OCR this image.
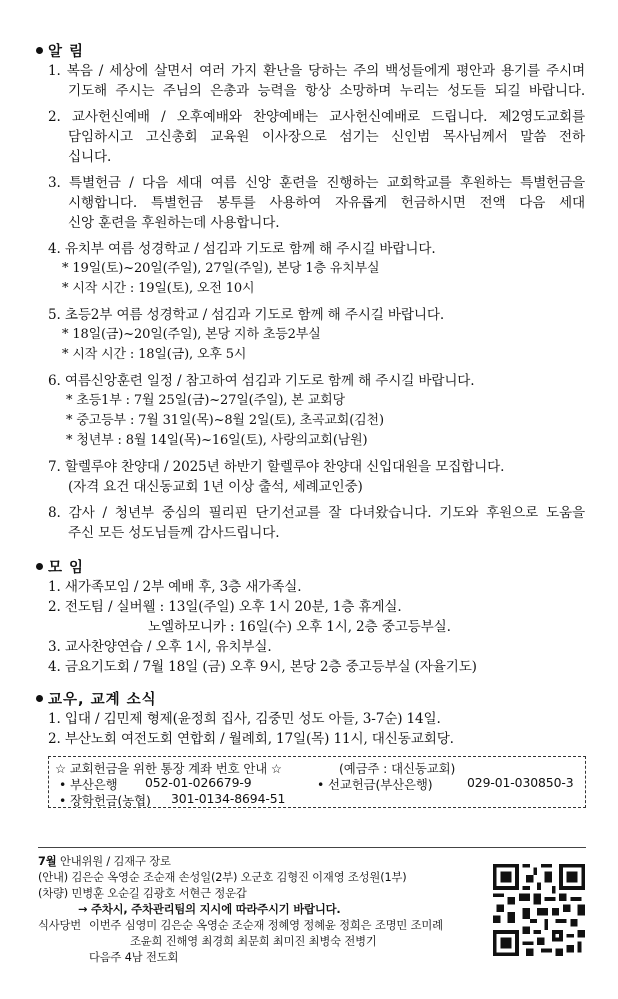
알 림
1. 복음 / 세상에 살면서 여러 가지 환난을 당하는 주의 백성들에게 평안과 용기를 주시며
기도해 주시는 주님의 은총과 능력을 항상 소망하며 누리는 성도들 되길 바랍니다.
2. 교사헌신예배 / 오후예배와 찬양예배는 교사헌신예배로 드립니다. 제2영도교회를
담임하시고 고신총회 교육원 이사장으로 섬기는 신인범 목사님께서 말씀 전하
십니다.
3. 특별헌금 / 다음 세대 여름 신앙 훈련을 진행하는 교회학교를 후원하는 특별헌금을
시행합니다. 특별헌금 봉투를 사용하여 자유롭게 헌금하시면 전액 다음 세대
신앙 훈련을 후원하는데 사용합니다.
4. 유치부 여름 성경학교 / 섬김과 기도로 함께 해 주시길 바랍니다.
* 19일(토)~20일(주일), 27일(주일), 본당 1층 유치부실
* 시작 시간 : 19일(토), 오전 10시
5. 초등2부 여름 성경학교 / 섬김과 기도로 함께 해 주시길 바랍니다.
* 18일(금)~20일(주일), 본당 지하 초등2부실
* 시작 시간 : 18일(금), 오후 5시
6. 여름신앙훈련 일정 / 참고하여 섬김과 기도로 함께 해 주시길 바랍니다.
* 초등1부 : 7월 25일(금)~27일(주일), 본 교회당
* 중고등부 : 7월 31일(목)~8월 2일(토), 초곡교회(김천)
* 청년부 : 8월 14일(목)~16일(토), 사랑의교회(남원)
7. 할렐루야 찬양대 / 2025년 하반기 할렐루야 찬양대 신입대원을 모집합니다.
(자격 요건 대신동교회 1년 이상 출석, 세례교인중)
8. 감사 / 청년부 중심의 필리핀 단기선교를 잘 다녀왔습니다. 기도와 후원으로 도움을
주신 모든 성도님들께 감사드립니다.
모 임
1. 새가족모임 / 2부 예배 후, 3층 새가족실.
2. 전도팀 / 실버웰 : 13일(주일) 오후 1시 20분, 1층 휴게실.
노엘하모니카 : 16일(수) 오후 1시, 2층 중고등부실.
3. 교사찬양연습 / 오후 1시, 유치부실.
4. 금요기도회 / 7월 18일 (금) 오후 9시, 본당 2층 중고등부실 (자율기도)
교우, 교계 소식
1. 입대 / 김민제 형제(윤정희 집사, 김중민 성도 아들, 3-7순) 14일.
2. 부산노회 여전도회 연합회 / 월례회, 17일(목) 11시, 대신동교회당.
☆ 교회헌금을 위한 통장 계좌 번호 안내 ☆	(예금주 : 대신동교회)
• 부산은행 052-01-026679-9	• 선교헌금(부산은행)	029-01-030850-3
• 장학헌금(농협) 301-0134-8694-51
7월 안내위원 / 김재구 장로
(안내) 김은순 옥영순 조순재 손성일(2부) 오군호 김형진 이재영 조성원(1부)
(차량) 민병훈 오순길 김광호 서현근 정운갑
→ 주차시, 주차관리팀의 지시에 따라주시기 바랍니다.
식사당번 이번주 심영미 김은순 옥영순 조순재 정혜영 정혜윤 정희은 조명민 조미례
조윤희 진해영 최경희 최문희 최미진 최병숙 전병기
다음주 4남 전도회
